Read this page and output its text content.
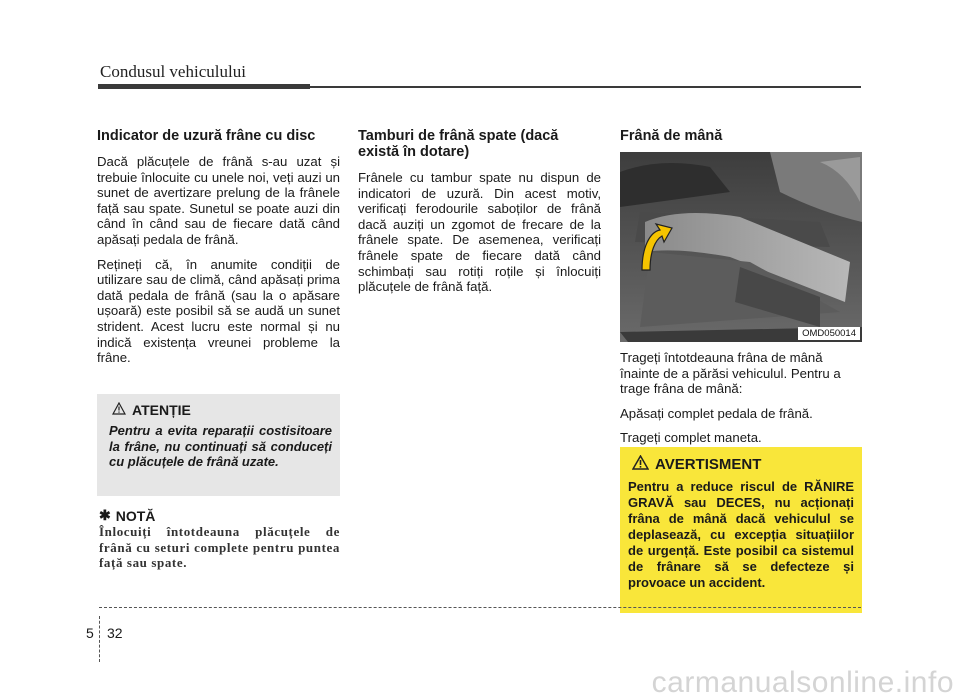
Condusul vehiculului
Indicator de uzură frâne cu disc

Dacă plăcuțele de frână s-au uzat și trebuie înlocuite cu unele noi, veți auzi un sunet de avertizare prelung de la frânele față sau spate. Sunetul se poate auzi din când în când sau de fiecare dată când apăsați pedala de frână.

Rețineți că, în anumite condiții de utilizare sau de climă, când apăsați prima dată pedala de frână (sau la o apăsare ușoară) este posibil să se audă un sunet strident. Acest lucru este normal și nu indică existența vreunei probleme la frâne.

ATENȚIE
Pentru a evita reparații costisitoare la frâne, nu continuați să conduceți cu plăcuțele de frână uzate.
✱ NOTĂ
Înlocuiți întotdeauna plăcuțele de frână cu seturi complete pentru puntea față sau spate.
Tamburi de frână spate (dacă există în dotare)

Frânele cu tambur spate nu dispun de indicatori de uzură. Din acest motiv, verificați ferodourile saboților de frână dacă auziți un zgomot de frecare de la frânele spate. De asemenea, verificați frânele spate de fiecare dată când schimbați sau rotiți roțile și înlocuiți plăcuțele de frână față.

Frână de mână
OMD050014

Trageți întotdeauna frâna de mână înainte de a părăsi vehiculul. Pentru a trage frâna de mână:

Apăsați complet pedala de frână.

Trageți complet maneta.

AVERTISMENT
Pentru a reduce riscul de RĂNIRE GRAVĂ sau DECES, nu acționați frâna de mână dacă vehiculul se deplasează, cu excepția situațiilor de urgență. Este posibil ca sistemul de frânare să se defecteze și provoace un accident.
5 32
carmanualsonline.info
